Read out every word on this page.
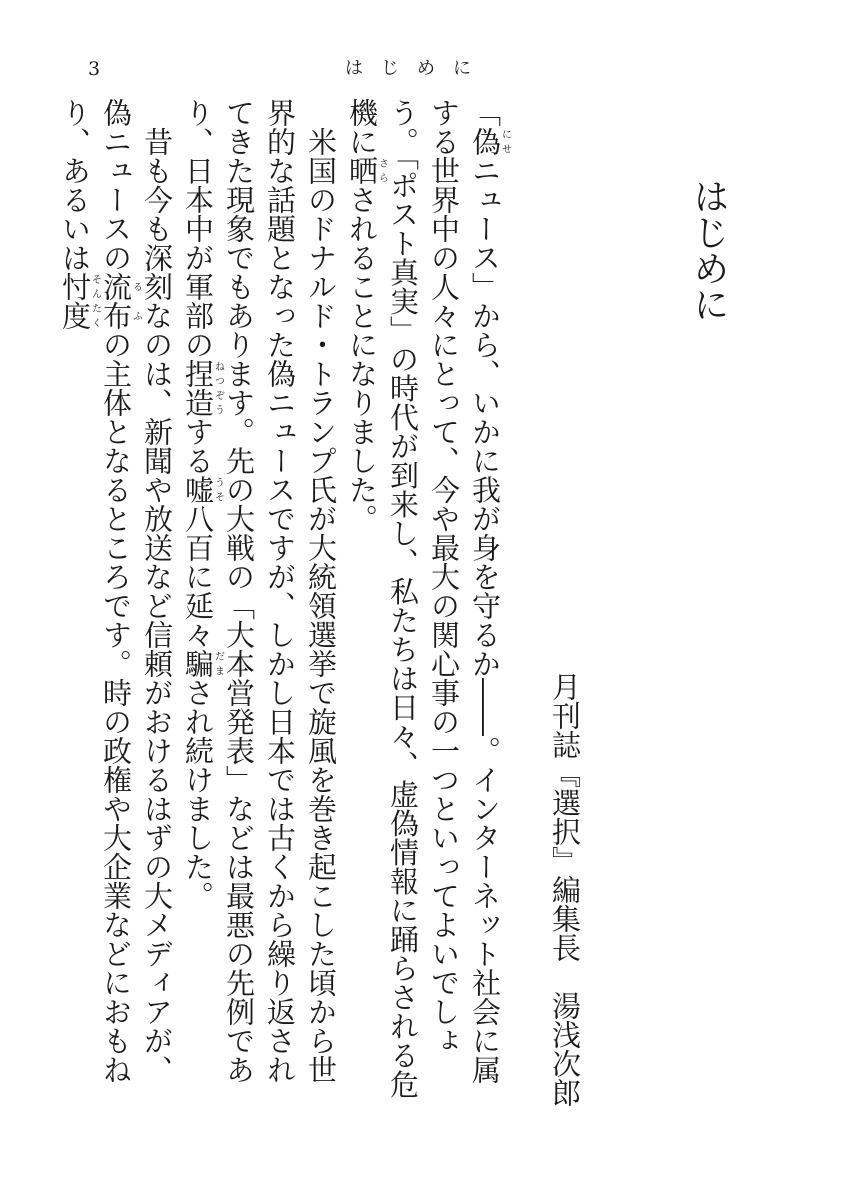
3	はじめに
はじめに
月刊誌『選択』編集長　湯浅次郎

「偽にせニュース」から、いかに我が身を守るか――。インターネット社会に属する世界中の人々にとって、今や最大の関心事の一つといってよいでしょう。「ポスト真実」の時代が到来し、私たちは日々、虚偽情報に踊らされる危機に晒さらされることになりました。

米国のドナルド・トランプ氏が大統領選挙で旋風を巻き起こした頃から世界的な話題となった偽ニュースですが、しかし日本では古くから繰り返されてきた現象でもあります。先の大戦の「大本営発表」などは最悪の先例であり、日本中が軍部の捏造ねつぞうする嘘うそ八百に延々騙だまされ続けました。

昔も今も深刻なのは、新聞や放送など信頼がおけるはずの大メディアが、偽ニュースの流布るふの主体となるところです。時の政権や大企業などにおもねり、あるいは忖度そんたく
